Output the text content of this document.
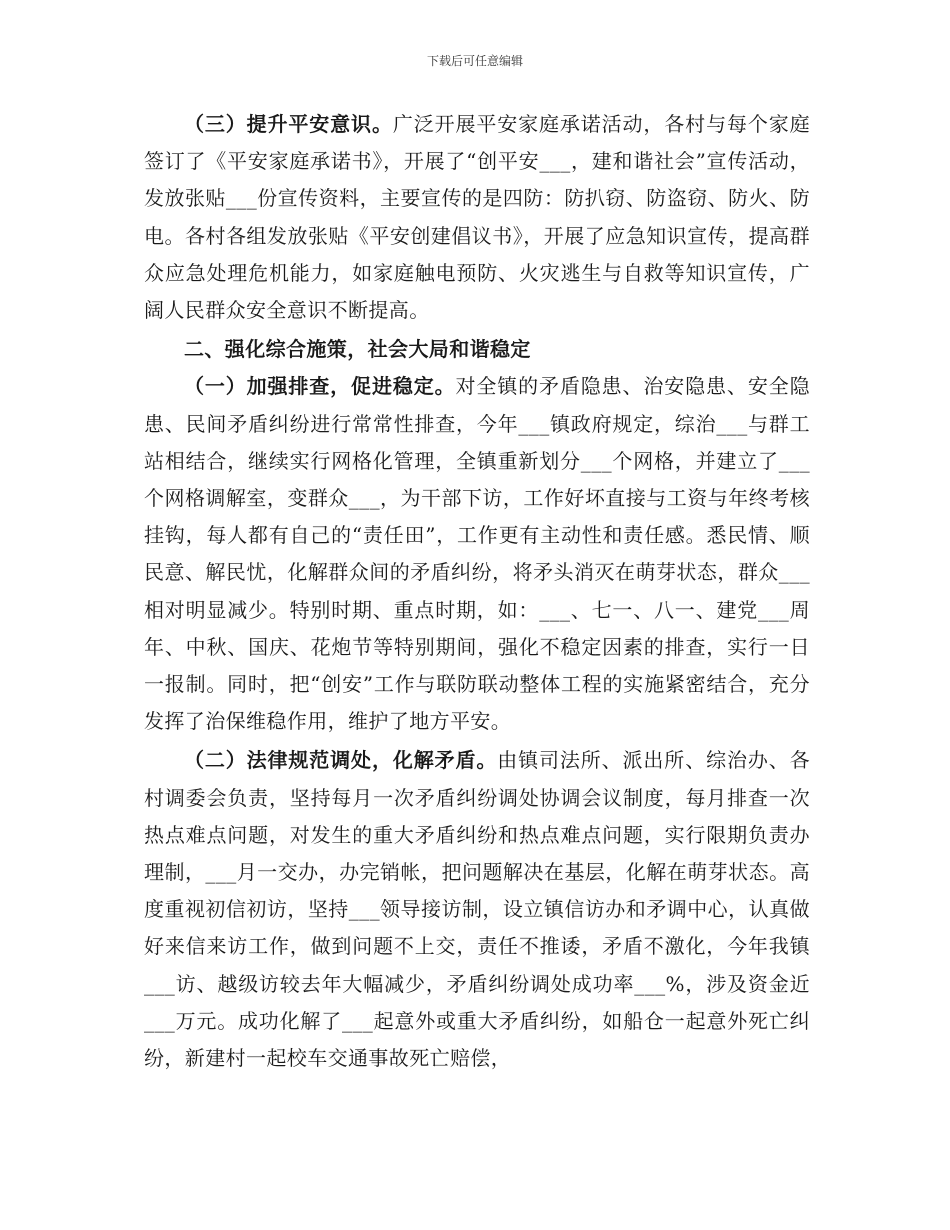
下载后可任意编辑

（三）提升平安意识。广泛开展平安家庭承诺活动，各村与每个家庭签订了《平安家庭承诺书》，开展了“创平安___，建和谐社会”宣传活动，发放张贴___份宣传资料，主要宣传的是四防：防扒窃、防盗窃、防火、防电。各村各组发放张贴《平安创建倡议书》，开展了应急知识宣传，提高群众应急处理危机能力，如家庭触电预防、火灾逃生与自救等知识宣传，广阔人民群众安全意识不断提高。

二、强化综合施策，社会大局和谐稳定

（一）加强排查，促进稳定。对全镇的矛盾隐患、治安隐患、安全隐患、民间矛盾纠纷进行常常性排查，今年___镇政府规定，综治___与群工站相结合，继续实行网格化管理，全镇重新划分___个网格，并建立了___个网格调解室，变群众___，为干部下访，工作好坏直接与工资与年终考核挂钩，每人都有自己的“责任田”，工作更有主动性和责任感。悉民情、顺民意、解民忧，化解群众间的矛盾纠纷，将矛头消灭在萌芽状态，群众___相对明显减少。特别时期、重点时期，如：___、七一、八一、建党___周年、中秋、国庆、花炮节等特别期间，强化不稳定因素的排查，实行一日一报制。同时，把“创安”工作与联防联动整体工程的实施紧密结合，充分发挥了治保维稳作用，维护了地方平安。

（二）法律规范调处，化解矛盾。由镇司法所、派出所、综治办、各村调委会负责，坚持每月一次矛盾纠纷调处协调会议制度，每月排查一次热点难点问题，对发生的重大矛盾纠纷和热点难点问题，实行限期负责办理制，___月一交办，办完销帐，把问题解决在基层，化解在萌芽状态。高度重视初信初访，坚持___领导接访制，设立镇信访办和矛调中心，认真做好来信来访工作，做到问题不上交，责任不推诿，矛盾不激化，今年我镇___访、越级访较去年大幅减少，矛盾纠纷调处成功率___%，涉及资金近___万元。成功化解了___起意外或重大矛盾纠纷，如船仓一起意外死亡纠纷，新建村一起校车交通事故死亡赔偿，
